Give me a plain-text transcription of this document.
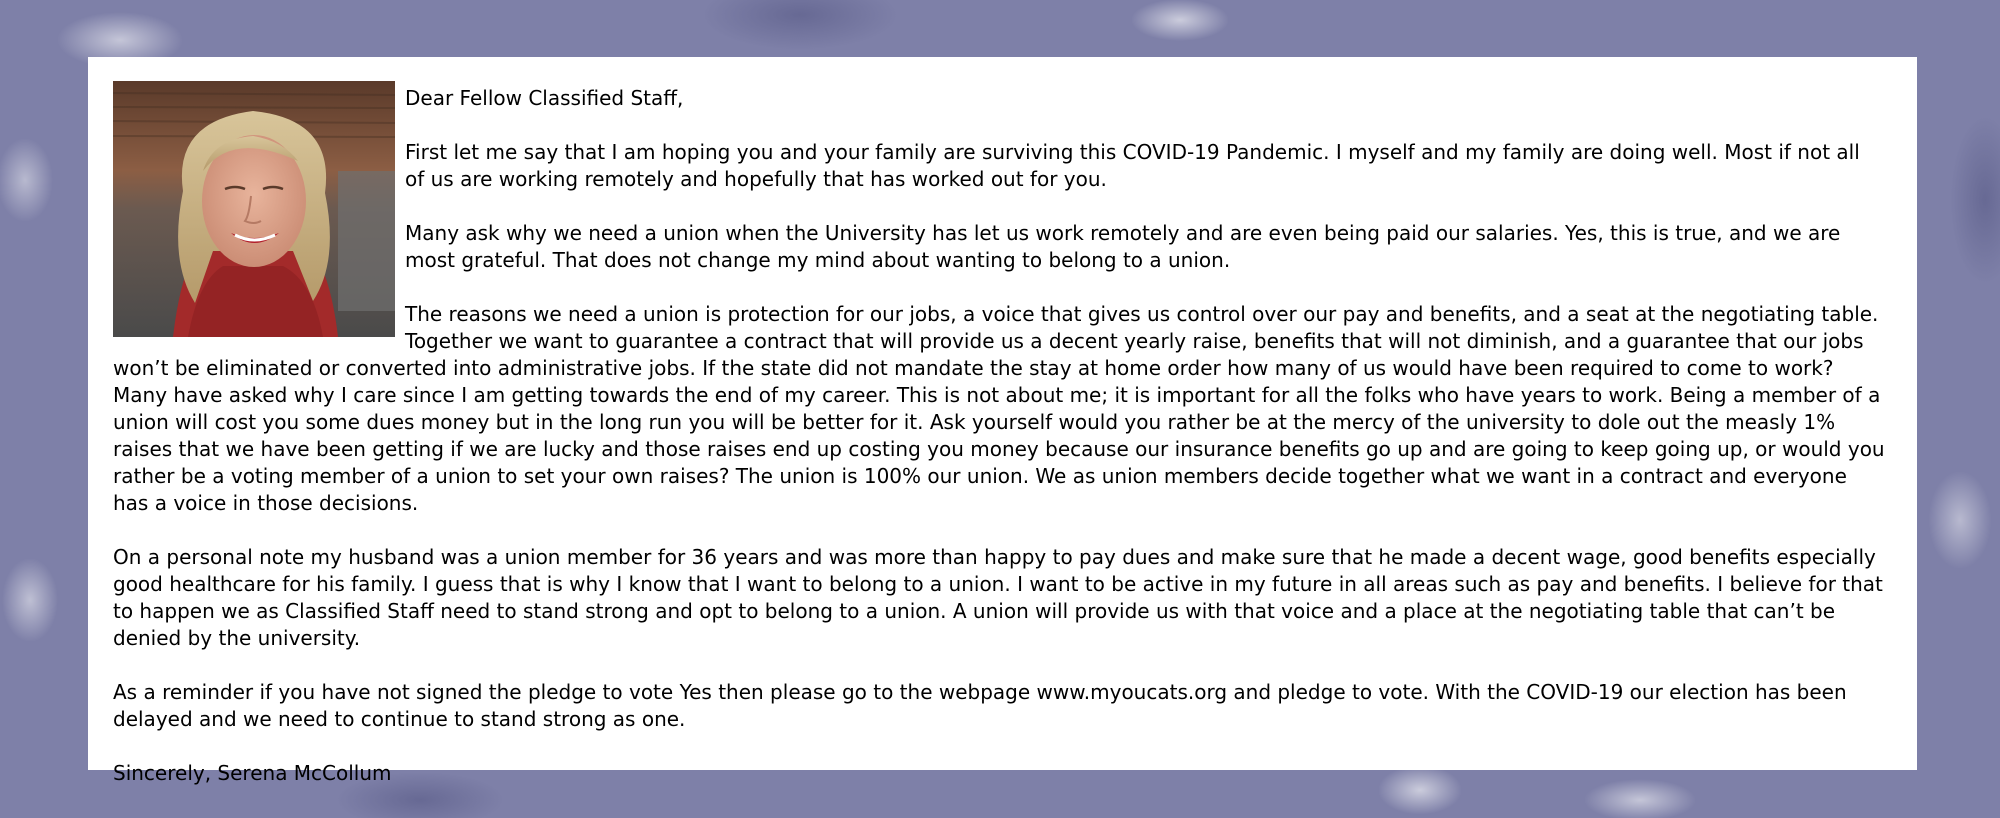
Dear Fellow Classified Staff,

First let me say that I am hoping you and your family are surviving this COVID-19 Pandemic. I myself and my family are doing well. Most if not all of us are working remotely and hopefully that has worked out for you.

Many ask why we need a union when the University has let us work remotely and are even being paid our salaries. Yes, this is true, and we are most grateful. That does not change my mind about wanting to belong to a union.

The reasons we need a union is protection for our jobs, a voice that gives us control over our pay and benefits, and a seat at the negotiating table. Together we want to guarantee a contract that will provide us a decent yearly raise, benefits that will not diminish, and a guarantee that our jobs won’t be eliminated or converted into administrative jobs. If the state did not mandate the stay at home order how many of us would have been required to come to work? Many have asked why I care since I am getting towards the end of my career. This is not about me; it is important for all the folks who have years to work. Being a member of a union will cost you some dues money but in the long run you will be better for it. Ask yourself would you rather be at the mercy of the university to dole out the measly 1% raises that we have been getting if we are lucky and those raises end up costing you money because our insurance benefits go up and are going to keep going up, or would you rather be a voting member of a union to set your own raises? The union is 100% our union. We as union members decide together what we want in a contract and everyone has a voice in those decisions.

On a personal note my husband was a union member for 36 years and was more than happy to pay dues and make sure that he made a decent wage, good benefits especially good healthcare for his family. I guess that is why I know that I want to belong to a union. I want to be active in my future in all areas such as pay and benefits. I believe for that to happen we as Classified Staff need to stand strong and opt to belong to a union. A union will provide us with that voice and a place at the negotiating table that can’t be denied by the university.

As a reminder if you have not signed the pledge to vote Yes then please go to the webpage www.myoucats.org and pledge to vote. With the COVID-19 our election has been delayed and we need to continue to stand strong as one.

Sincerely, Serena McCollum
